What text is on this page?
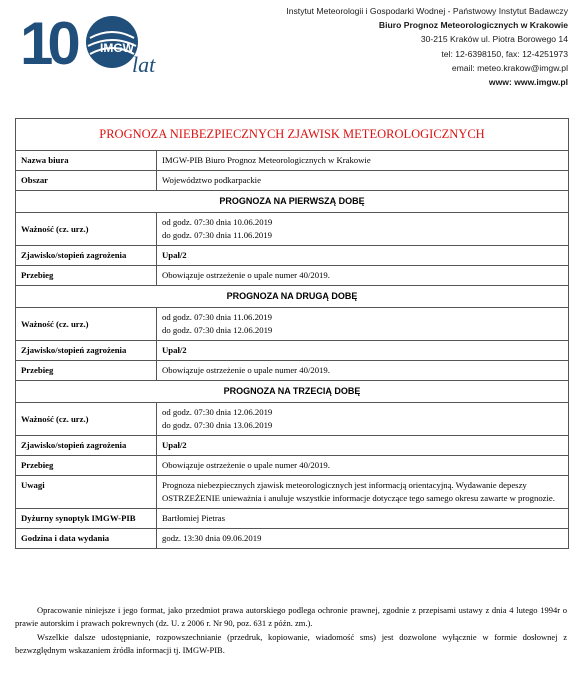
10	IMGW
lat
Instytut Meteorologii i Gospodarki Wodnej - Państwowy Instytut Badawczy
Biuro Prognoz Meteorologicznych w Krakowie
30-215 Kraków ul. Piotra Borowego 14
tel: 12-6398150, fax: 12-4251973
email: meteo.krakow@imgw.pl
www: www.imgw.pl
PROGNOZA NIEBEZPIECZNYCH ZJAWISK METEOROLOGICZNYCH	
Nazwa biura	IMGW-PIB Biuro Prognoz Meteorologicznych w Krakowie
Obszar	Województwo podkarpackie
PROGNOZA NA PIERWSZĄ DOBĘ	
Ważność (cz. urz.)	od godz. 07:30 dnia 10.06.2019
do godz. 07:30 dnia 11.06.2019

Zjawisko/stopień zagrożenia	Upał/2
Przebieg	Obowiązuje ostrzeżenie o upale numer 40/2019.
PROGNOZA NA DRUGĄ DOBĘ	
Ważność (cz. urz.)	od godz. 07:30 dnia 11.06.2019
do godz. 07:30 dnia 12.06.2019

Zjawisko/stopień zagrożenia	Upał/2
Przebieg	Obowiązuje ostrzeżenie o upale numer 40/2019.
PROGNOZA NA TRZECIĄ DOBĘ	
Ważność (cz. urz.)	od godz. 07:30 dnia 12.06.2019
do godz. 07:30 dnia 13.06.2019

Zjawisko/stopień zagrożenia	Upał/2
Przebieg	Obowiązuje ostrzeżenie o upale numer 40/2019.
Uwagi	Prognoza niebezpiecznych zjawisk meteorologicznych jest informacją orientacyjną. Wydawanie depeszy OSTRZEŻENIE unieważnia i anuluje wszystkie informacje dotyczące tego samego okresu zawarte w prognozie.
Dyżurny synoptyk IMGW-PIB	Bartłomiej Pietras
Godzina i data wydania	godz. 13:30 dnia 09.06.2019

Opracowanie niniejsze i jego format, jako przedmiot prawa autorskiego podlega ochronie prawnej, zgodnie z przepisami ustawy z dnia 4 lutego 1994r o prawie autorskim i prawach pokrewnych (dz. U. z 2006 r. Nr 90, poz. 631 z późn. zm.).

Wszelkie dalsze udostępnianie, rozpowszechnianie (przedruk, kopiowanie, wiadomość sms) jest dozwolone wyłącznie w formie dosłownej z bezwzględnym wskazaniem źródła informacji tj. IMGW-PIB.
